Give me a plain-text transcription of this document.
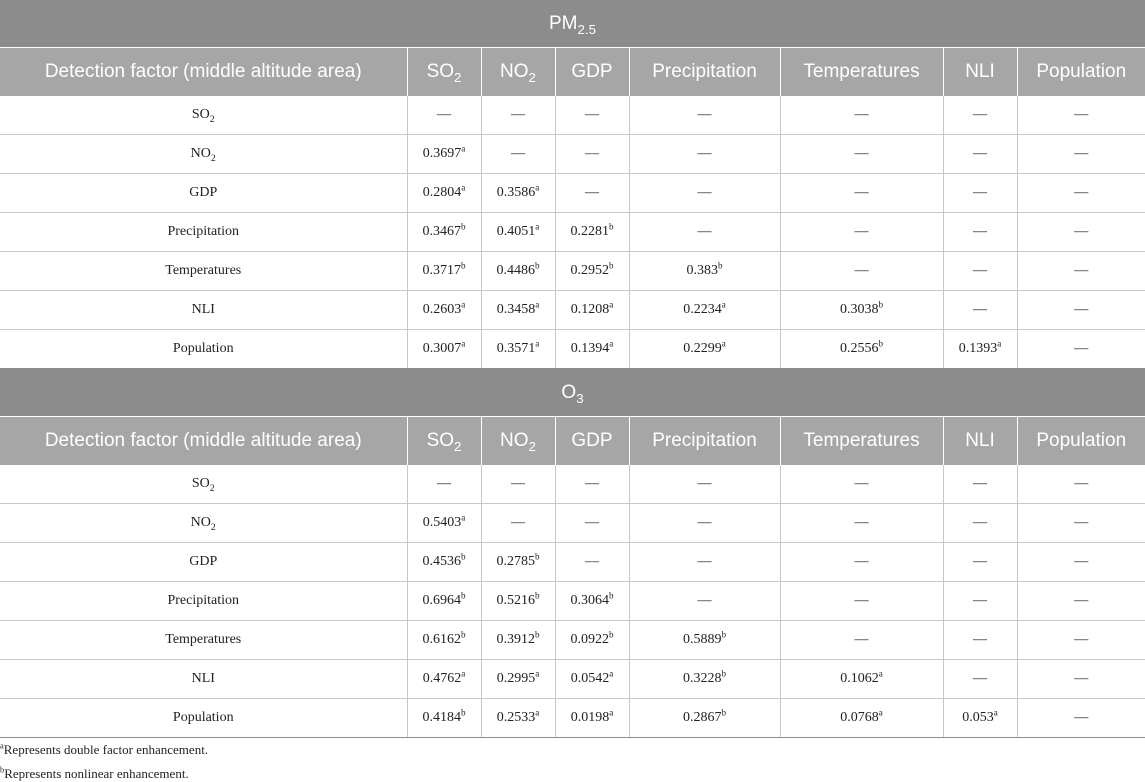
$PM_{2.5}$
Detection factor (middle altitude area)	$SO_2$	$NO_2$	GDP	Precipitation	Temperatures	NLI	Population
$SO_2$	—	—	—	—	—	—	—
$NO_2$	0.3697$^a$	—	—	—	—	—	—
GDP	0.2804$^a$	0.3586$^a$	—	—	—	—	—
Precipitation	0.3467$^b$	0.4051$^a$	0.2281$^b$	—	—	—	—
Temperatures	0.3717$^b$	0.4486$^b$	0.2952$^b$	0.383$^b$	—	—	—
NLI	0.2603$^a$	0.3458$^a$	0.1208$^a$	0.2234$^a$	0.3038$^b$	—	—
Population	0.3007$^a$	0.3571$^a$	0.1394$^a$	0.2299$^a$	0.2556$^b$	0.1393$^a$	—
$O_3$
Detection factor (middle altitude area)	$SO_2$	$NO_2$	GDP	Precipitation	Temperatures	NLI	Population
$SO_2$	—	—	—	—	—	—	—
$NO_2$	0.5403$^a$	—	—	—	—	—	—
GDP	0.4536$^b$	0.2785$^b$	—	—	—	—	—
Precipitation	0.6964$^b$	0.5216$^b$	0.3064$^b$	—	—	—	—
Temperatures	0.6162$^b$	0.3912$^b$	0.0922$^b$	0.5889$^b$	—	—	—
NLI	0.4762$^a$	0.2995$^a$	0.0542$^a$	0.3228$^b$	0.1062$^a$	—	—
Population	0.4184$^b$	0.2533$^a$	0.0198$^a$	0.2867$^b$	0.0768$^a$	0.053$^a$	—
$^a$Represents double factor enhancement.
$^b$Represents nonlinear enhancement.
